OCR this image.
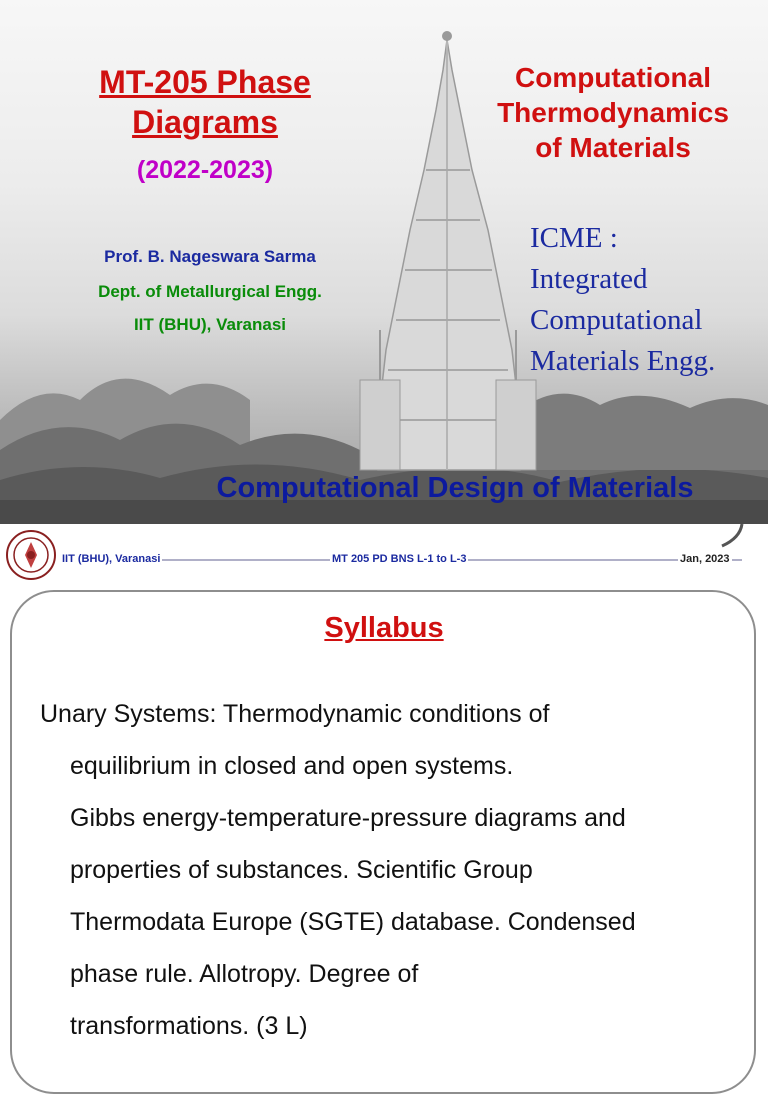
MT-205 Phase
Diagrams
(2022-2023)
Prof. B. Nageswara Sarma
Dept. of Metallurgical Engg.
IIT (BHU), Varanasi
Computational
Thermodynamics
of Materials
ICME :
Integrated
Computational
Materials Engg.
Computational Design of Materials
IIT (BHU), Varanasi	MT 205 PD BNS L-1 to L-3	Jan, 2023
Syllabus
Unary Systems: Thermodynamic conditions of
equilibrium in closed and open systems.
Gibbs energy-temperature-pressure diagrams and
properties of substances. Scientific Group
Thermodata Europe (SGTE) database. Condensed
phase rule. Allotropy. Degree of
transformations. (3 L)
